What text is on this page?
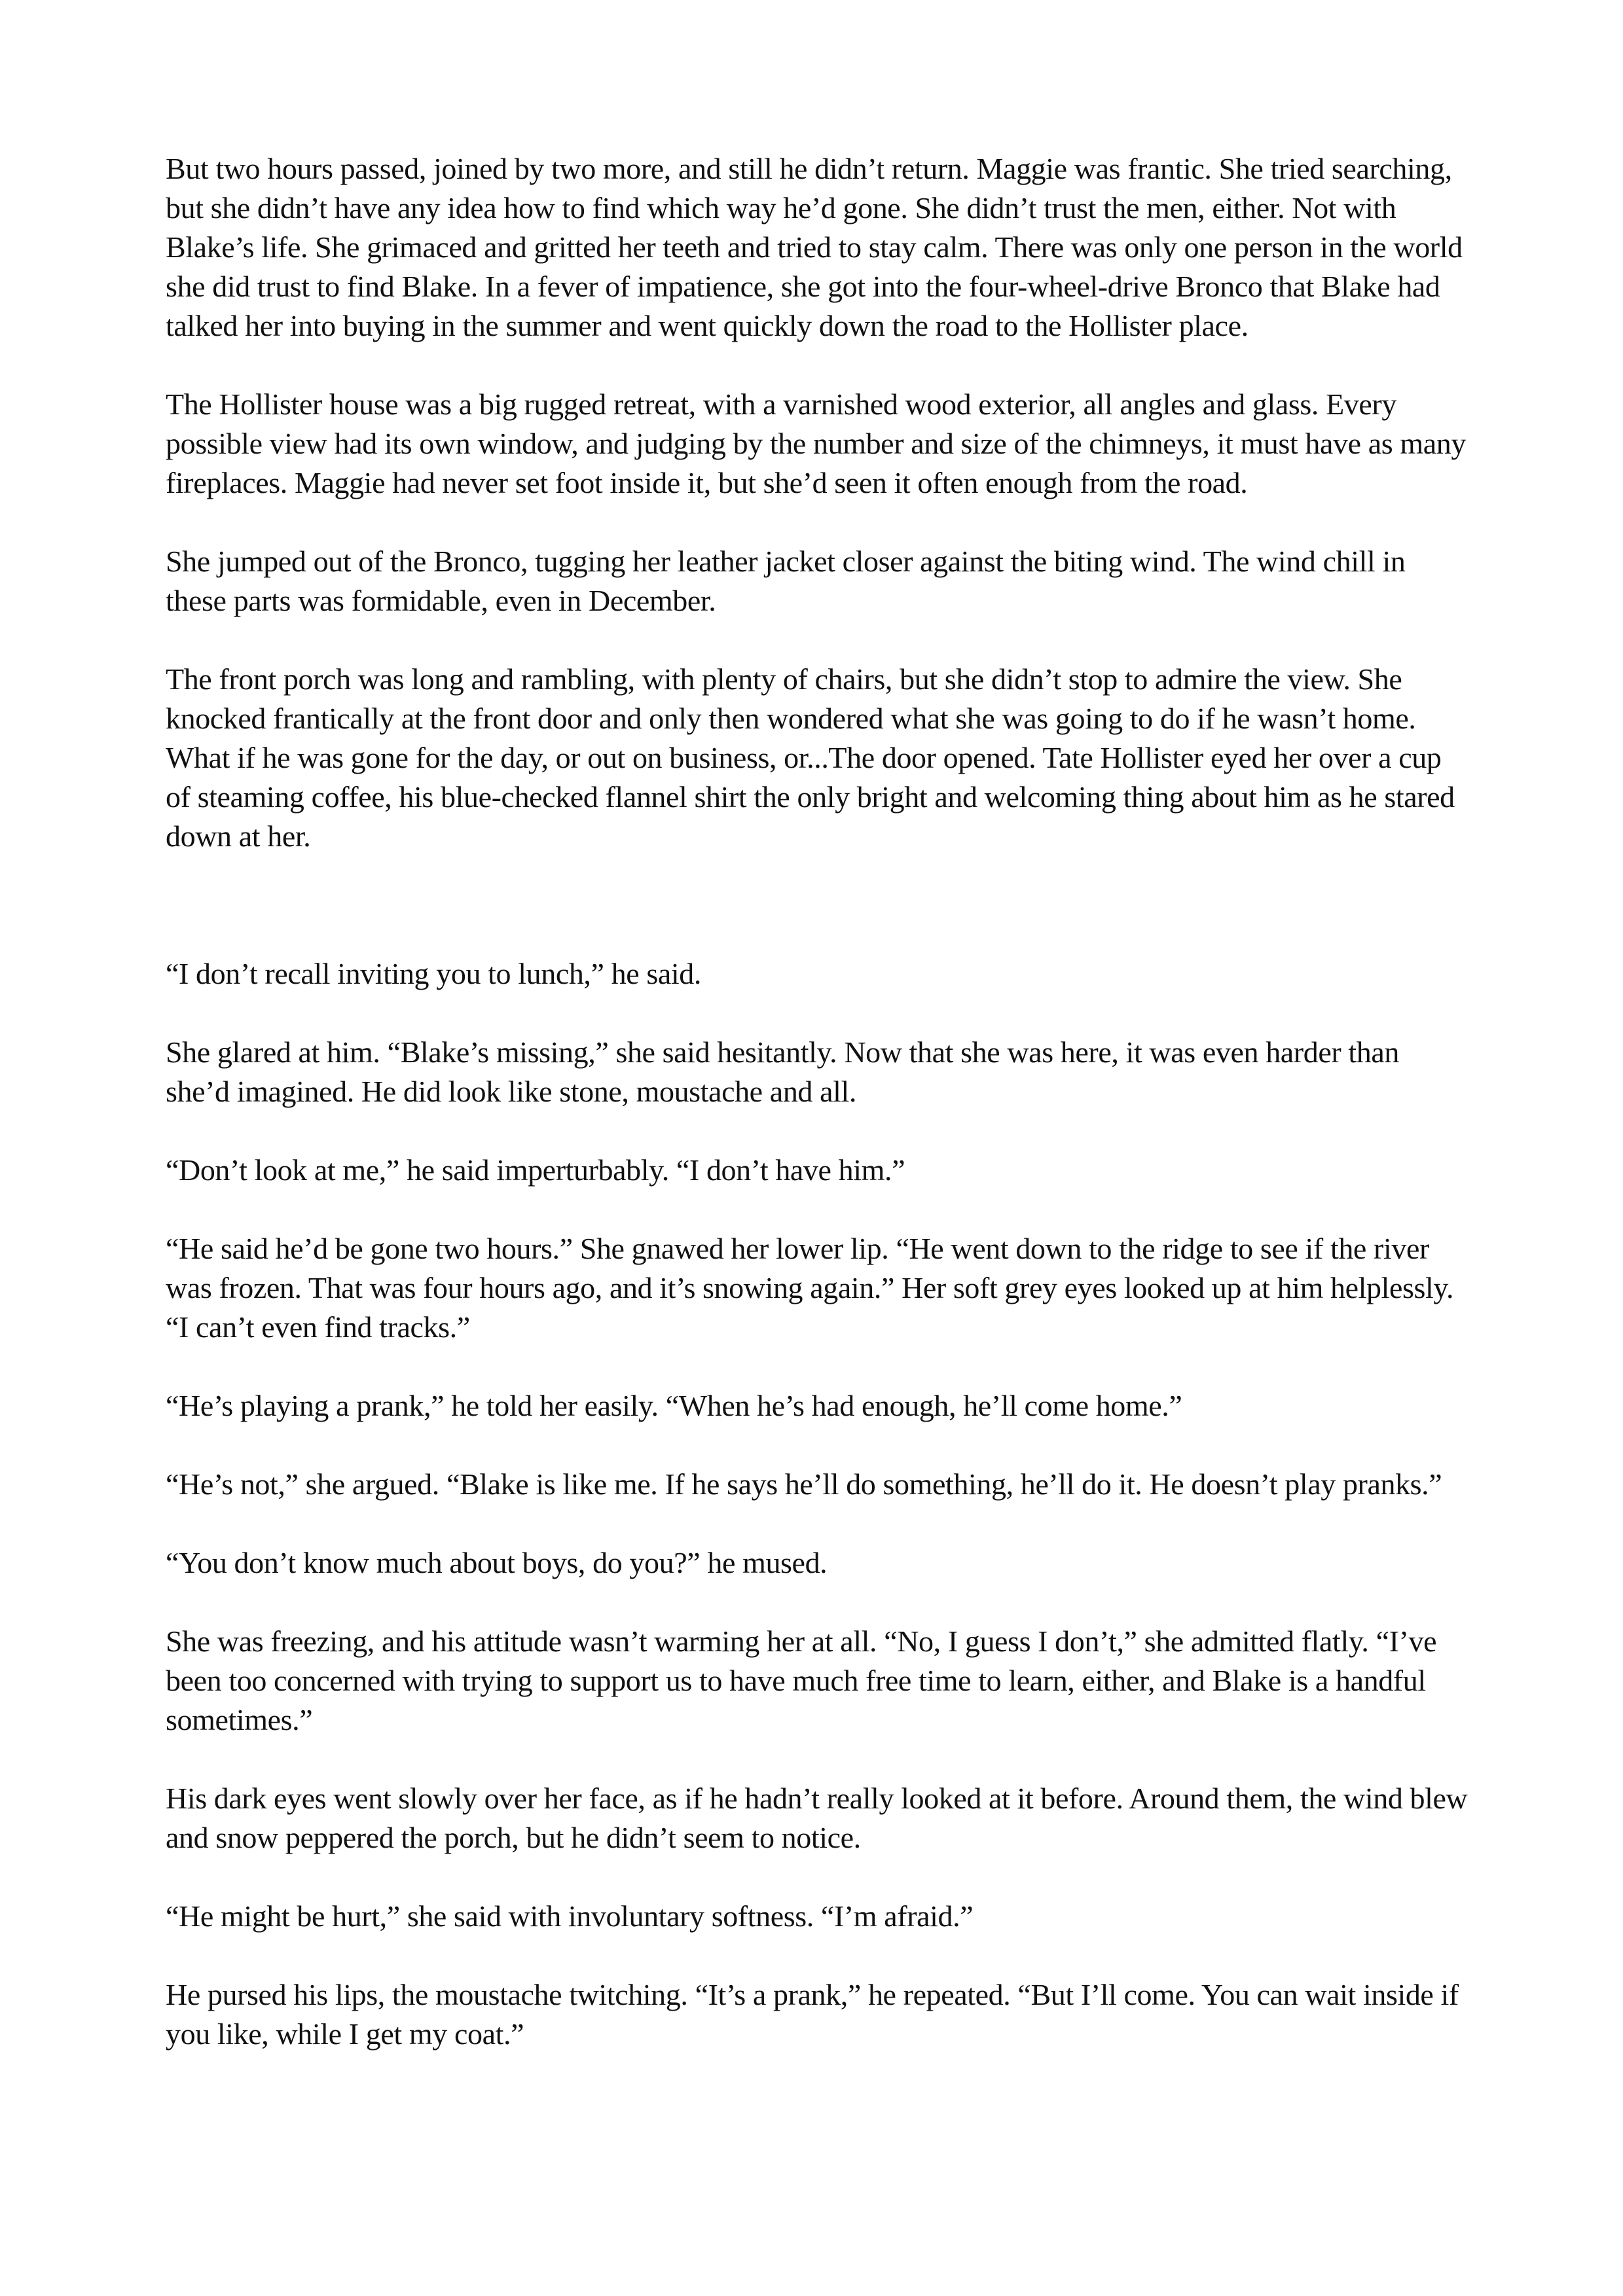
But two hours passed, joined by two more, and still he didn’t return. Maggie was frantic. She tried searching, but she didn’t have any idea how to find which way he’d gone. She didn’t trust the men, either. Not with Blake’s life. She grimaced and gritted her teeth and tried to stay calm. There was only one person in the world she did trust to find Blake. In a fever of impatience, she got into the four-wheel-drive Bronco that Blake had talked her into buying in the summer and went quickly down the road to the Hollister place.

The Hollister house was a big rugged retreat, with a varnished wood exterior, all angles and glass. Every possible view had its own window, and judging by the number and size of the chimneys, it must have as many fireplaces. Maggie had never set foot inside it, but she’d seen it often enough from the road.

She jumped out of the Bronco, tugging her leather jacket closer against the biting wind. The wind chill in these parts was formidable, even in December.

The front porch was long and rambling, with plenty of chairs, but she didn’t stop to admire the view. She knocked frantically at the front door and only then wondered what she was going to do if he wasn’t home. What if he was gone for the day, or out on business, or...The door opened. Tate Hollister eyed her over a cup of steaming coffee, his blue-checked flannel shirt the only bright and welcoming thing about him as he stared down at her.

“I don’t recall inviting you to lunch,” he said.

She glared at him. “Blake’s missing,” she said hesitantly. Now that she was here, it was even harder than she’d imagined. He did look like stone, moustache and all.

“Don’t look at me,” he said imperturbably. “I don’t have him.”

“He said he’d be gone two hours.” She gnawed her lower lip. “He went down to the ridge to see if the river was frozen. That was four hours ago, and it’s snowing again.” Her soft grey eyes looked up at him helplessly. “I can’t even find tracks.”

“He’s playing a prank,” he told her easily. “When he’s had enough, he’ll come home.”

“He’s not,” she argued. “Blake is like me. If he says he’ll do something, he’ll do it. He doesn’t play pranks.”

“You don’t know much about boys, do you?” he mused.

She was freezing, and his attitude wasn’t warming her at all. “No, I guess I don’t,” she admitted flatly. “I’ve been too concerned with trying to support us to have much free time to learn, either, and Blake is a handful sometimes.”

His dark eyes went slowly over her face, as if he hadn’t really looked at it before. Around them, the wind blew and snow peppered the porch, but he didn’t seem to notice.

“He might be hurt,” she said with involuntary softness. “I’m afraid.”

He pursed his lips, the moustache twitching. “It’s a prank,” he repeated. “But I’ll come. You can wait inside if you like, while I get my coat.”
